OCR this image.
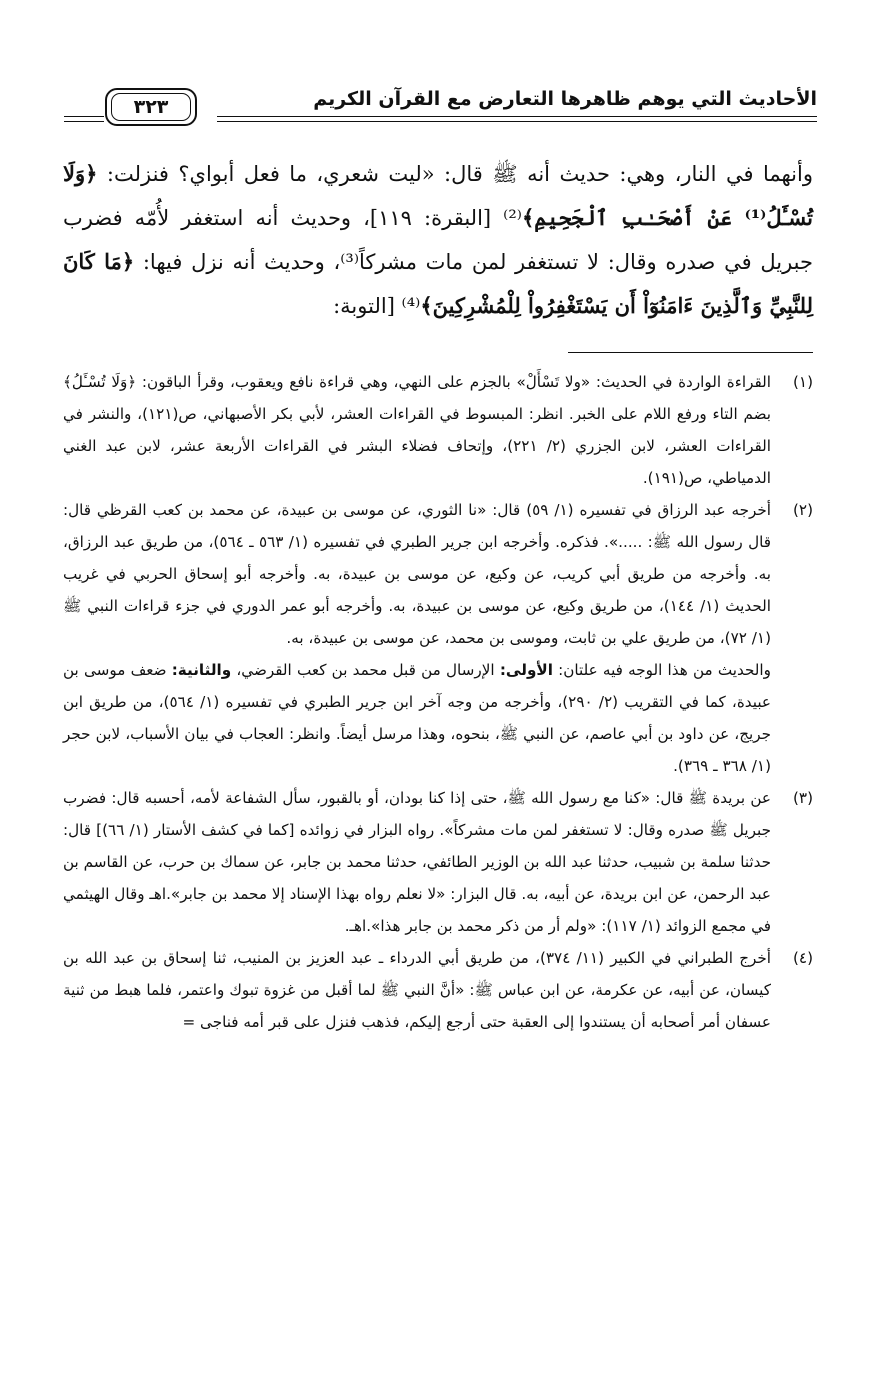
الأحاديث التي يوهم ظاهرها التعارض مع القرآن الكريم
٣٢٣

وأنهما في النار، وهي: حديث أنه ﷺ قال: «ليت شعري، ما فعل أبواي؟ فنزلت: ﴿وَلَا تُسْـَٔلُ⁽¹⁾ عَنْ أَصْحَـٰبِ ٱلْجَحِيمِ﴾⁽²⁾ [البقرة: ١١٩]، وحديث أنه استغفر لأُمّه فضرب جبريل في صدره وقال: لا تستغفر لمن مات مشركاً⁽³⁾، وحديث أنه نزل فيها: ﴿مَا كَانَ لِلنَّبِيِّ وَٱلَّذِينَ ءَامَنُوٓاْ أَن يَسْتَغْفِرُواْ لِلْمُشْرِكِينَ﴾⁽⁴⁾ [التوبة:

(١)
القراءة الواردة في الحديث: «ولا تَسْأَلْ» بالجزم على النهي، وهي قراءة نافع ويعقوب، وقرأ الباقون: ﴿وَلَا تُسْـَٔلُ﴾ بضم التاء ورفع اللام على الخبر. انظر: المبسوط في القراءات العشر، لأبي بكر الأصبهاني، ص(١٢١)، والنشر في القراءات العشر، لابن الجزري (٢/ ٢٢١)، وإتحاف فضلاء البشر في القراءات الأربعة عشر، لابن عبد الغني الدمياطي، ص(١٩١).
(٢)
أخرجه عبد الرزاق في تفسيره (١/ ٥٩) قال: «نا الثوري، عن موسى بن عبيدة، عن محمد بن كعب القرظي قال: قال رسول الله ﷺ: .....». فذكره. وأخرجه ابن جرير الطبري في تفسيره (١/ ٥٦٣ ـ ٥٦٤)، من طريق عبد الرزاق، به. وأخرجه من طريق أبي كريب، عن وكيع، عن موسى بن عبيدة، به. وأخرجه أبو إسحاق الحربي في غريب الحديث (١/ ١٤٤)، من طريق وكيع، عن موسى بن عبيدة، به. وأخرجه أبو عمر الدوري في جزء قراءات النبي ﷺ (١/ ٧٢)، من طريق علي بن ثابت، وموسى بن محمد، عن موسى بن عبيدة، به.

والحديث من هذا الوجه فيه علتان: الأولى: الإرسال من قبل محمد بن كعب القرضي، والثانية: ضعف موسى بن عبيدة، كما في التقريب (٢/ ٢٩٠)، وأخرجه من وجه آخر ابن جرير الطبري في تفسيره (١/ ٥٦٤)، من طريق ابن جريج، عن داود بن أبي عاصم، عن النبي ﷺ، بنحوه، وهذا مرسل أيضاً. وانظر: العجاب في بيان الأسباب، لابن حجر (١/ ٣٦٨ ـ ٣٦٩).

(٣)
عن بريدة ﷺ قال: «كنا مع رسول الله ﷺ، حتى إذا كنا بودان، أو بالقبور، سأل الشفاعة لأمه، أحسبه قال: فضرب جبريل ﷺ صدره وقال: لا تستغفر لمن مات مشركاً». رواه البزار في زوائده [كما في كشف الأستار (١/ ٦٦)] قال: حدثنا سلمة بن شبيب، حدثنا عبد الله بن الوزير الطائفي، حدثنا محمد بن جابر، عن سماك بن حرب، عن القاسم بن عبد الرحمن، عن ابن بريدة، عن أبيه، به. قال البزار: «لا نعلم رواه بهذا الإسناد إلا محمد بن جابر».اهـ وقال الهيثمي في مجمع الزوائد (١/ ١١٧): «ولم أر من ذكر محمد بن جابر هذا».اهـ.
(٤)
أخرج الطبراني في الكبير (١١/ ٣٧٤)، من طريق أبي الدرداء ـ عبد العزيز بن المنيب، ثنا إسحاق بن عبد الله بن كيسان، عن أبيه، عن عكرمة، عن ابن عباس ﷺ: «أنَّ النبي ﷺ لما أقبل من غزوة تبوك واعتمر، فلما هبط من ثنية عسفان أمر أصحابه أن يستندوا إلى العقبة حتى أرجع إليكم، فذهب فنزل على قبر أمه فناجى =
